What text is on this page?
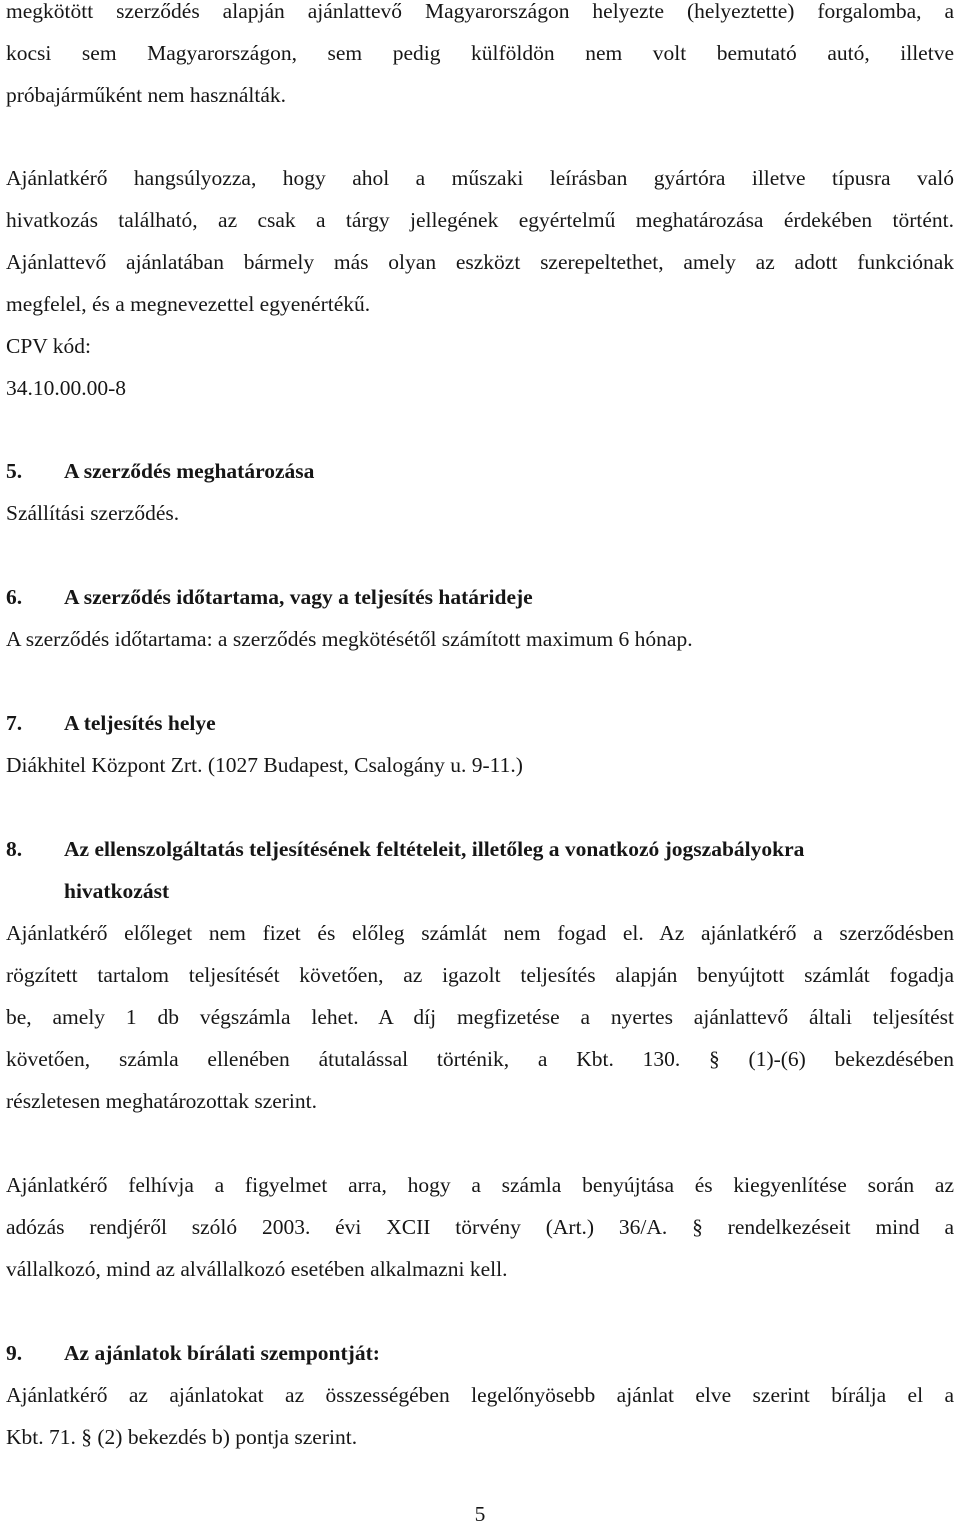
megkötött szerződés alapján ajánlattevő Magyarországon helyezte (helyeztette) forgalomba, a
kocsi sem Magyarországon, sem pedig külföldön nem volt bemutató autó, illetve
próbajárműként nem használták.
Ajánlatkérő hangsúlyozza, hogy ahol a műszaki leírásban gyártóra illetve típusra való
hivatkozás található, az csak a tárgy jellegének egyértelmű meghatározása érdekében történt.
Ajánlattevő ajánlatában bármely más olyan eszközt szerepeltethet, amely az adott funkciónak
megfelel, és a megnevezettel egyenértékű.
CPV kód:
34.10.00.00-8
5. A szerződés meghatározása
Szállítási szerződés.
6. A szerződés időtartama, vagy a teljesítés határideje
A szerződés időtartama: a szerződés megkötésétől számított maximum 6 hónap.
7. A teljesítés helye
Diákhitel Központ Zrt. (1027 Budapest, Csalogány u. 9-11.)
8. Az ellenszolgáltatás teljesítésének feltételeit, illetőleg a vonatkozó jogszabályokra
hivatkozást
Ajánlatkérő előleget nem fizet és előleg számlát nem fogad el. Az ajánlatkérő a szerződésben
rögzített tartalom teljesítését követően, az igazolt teljesítés alapján benyújtott számlát fogadja
be, amely 1 db végszámla lehet. A díj megfizetése a nyertes ajánlattevő általi teljesítést
követően, számla ellenében átutalással történik, a Kbt. 130. § (1)-(6) bekezdésében
részletesen meghatározottak szerint.
Ajánlatkérő felhívja a figyelmet arra, hogy a számla benyújtása és kiegyenlítése során az
adózás rendjéről szóló 2003. évi XCII törvény (Art.) 36/A. § rendelkezéseit mind a
vállalkozó, mind az alvállalkozó esetében alkalmazni kell.
9. Az ajánlatok bírálati szempontját:
Ajánlatkérő az ajánlatokat az összességében legelőnyösebb ajánlat elve szerint bírálja el a
Kbt. 71. § (2) bekezdés b) pontja szerint.
5
